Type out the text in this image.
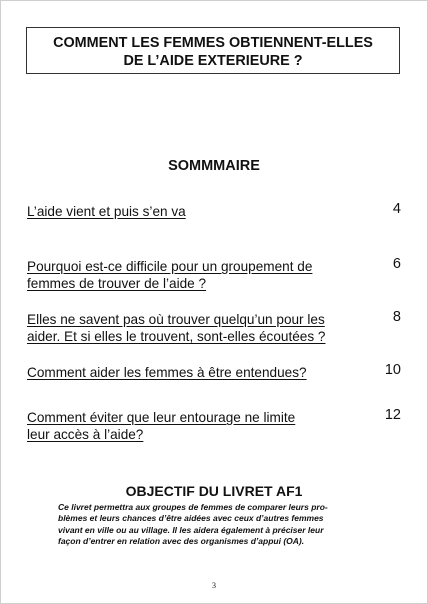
COMMENT LES FEMMES OBTIENNENT-ELLES
DE L’AIDE EXTERIEURE ?
SOMMMAIRE
L’aide vient et puis s’en va	4
Pourquoi est-ce difficile pour un groupement de
femmes de trouver de l’aide ?
6
Elles ne savent pas où trouver quelqu’un pour les
aider. Et si elles le trouvent, sont-elles écoutées ?
8
Comment aider les femmes à être entendues?	10
Comment éviter que leur entourage ne limite
leur accès à l’aide?
12
OBJECTIF DU LIVRET AF1
Ce livret permettra aux groupes de femmes de comparer leurs pro-
blèmes et leurs chances d’être aidées avec ceux d’autres femmes
vivant en ville ou au village. Il les aidera également à préciser leur
façon d’entrer en relation avec des organismes d’appui (OA).
3
